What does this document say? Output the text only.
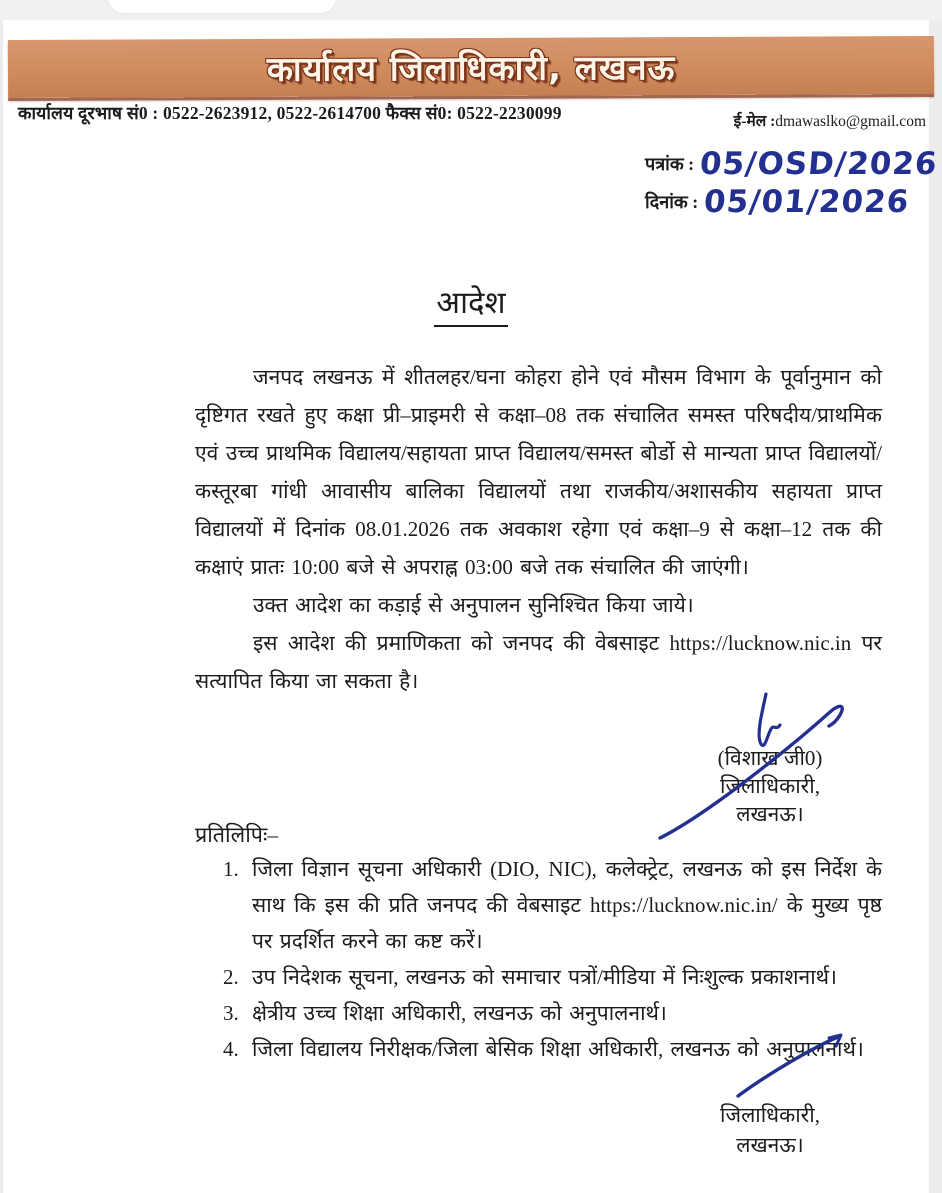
कार्यालय जिलाधिकारी, लखनऊ
कार्यालय दूरभाष सं0 : 0522-2623912, 0522-2614700 फैक्स सं0: 0522-2230099	ई-मेल :dmawaslko@gmail.com
पत्रांक : 05/OSD/2026
दिनांक : 05/01/2026
आदेश

जनपद लखनऊ में शीतलहर/घना कोहरा होने एवं मौसम विभाग के पूर्वानुमान को दृष्टिगत रखते हुए कक्षा प्री–प्राइमरी से कक्षा–08 तक संचालित समस्त परिषदीय/प्राथमिक एवं उच्च प्राथमिक विद्यालय/सहायता प्राप्त विद्यालय/समस्त बोर्डो से मान्यता प्राप्त विद्यालयों/कस्तूरबा गांधी आवासीय बालिका विद्यालयों तथा राजकीय/अशासकीय सहायता प्राप्त विद्यालयों में दिनांक 08.01.2026 तक अवकाश रहेगा एवं कक्षा–9 से कक्षा–12 तक की कक्षाएं प्रातः 10:00 बजे से अपराह्न 03:00 बजे तक संचालित की जाएंगी।

उक्त आदेश का कड़ाई से अनुपालन सुनिश्चित किया जाये।

इस आदेश की प्रमाणिकता को जनपद की वेबसाइट https://lucknow.nic.in पर सत्यापित किया जा सकता है।

(विशाख जी0)
जिलाधिकारी,
लखनऊ।
प्रतिलिपिः–
जिला विज्ञान सूचना अधिकारी (DIO, NIC), कलेक्ट्रेट, लखनऊ को इस निर्देश के साथ कि इस की प्रति जनपद की वेबसाइट https://lucknow.nic.in/ के मुख्य पृष्ठ पर प्रदर्शित करने का कष्ट करें।
उप निदेशक सूचना, लखनऊ को समाचार पत्रों/मीडिया में निःशुल्क प्रकाशनार्थ।
क्षेत्रीय उच्च शिक्षा अधिकारी, लखनऊ को अनुपालनार्थ।
जिला विद्यालय निरीक्षक/जिला बेसिक शिक्षा अधिकारी, लखनऊ को अनुपालनार्थ।
जिलाधिकारी,
लखनऊ।
